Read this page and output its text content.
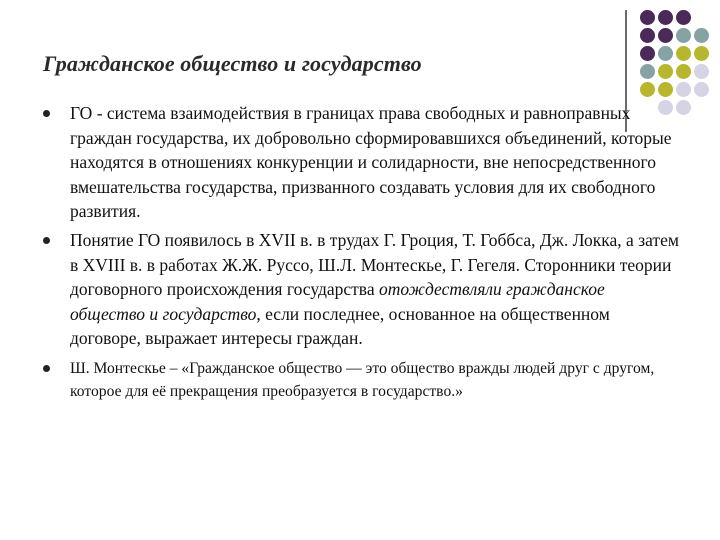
Гражданское общество и государство
ГО - система взаимодействия в границах права свободных и равноправных граждан государства, их добровольно сформировавшихся объединений, которые находятся в отношениях конкуренции и солидарности, вне непосредственного вмешательства государства, призванного создавать условия для их свободного развития.
Понятие ГО появилось в XVII в. в трудах Г. Гроция, Т. Гоббса, Дж. Локка, а затем в XVIII в. в работах Ж.Ж. Руссо, Ш.Л. Монтескье, Г. Гегеля. Сторонники теории договорного происхождения государства отождествляли гражданское общество и государство, если последнее, основанное на общественном договоре, выражает интересы граждан.
Ш. Монтескье – «Гражданское общество — это общество вражды людей друг с другом, которое для её прекращения преобразуется в государство.»
